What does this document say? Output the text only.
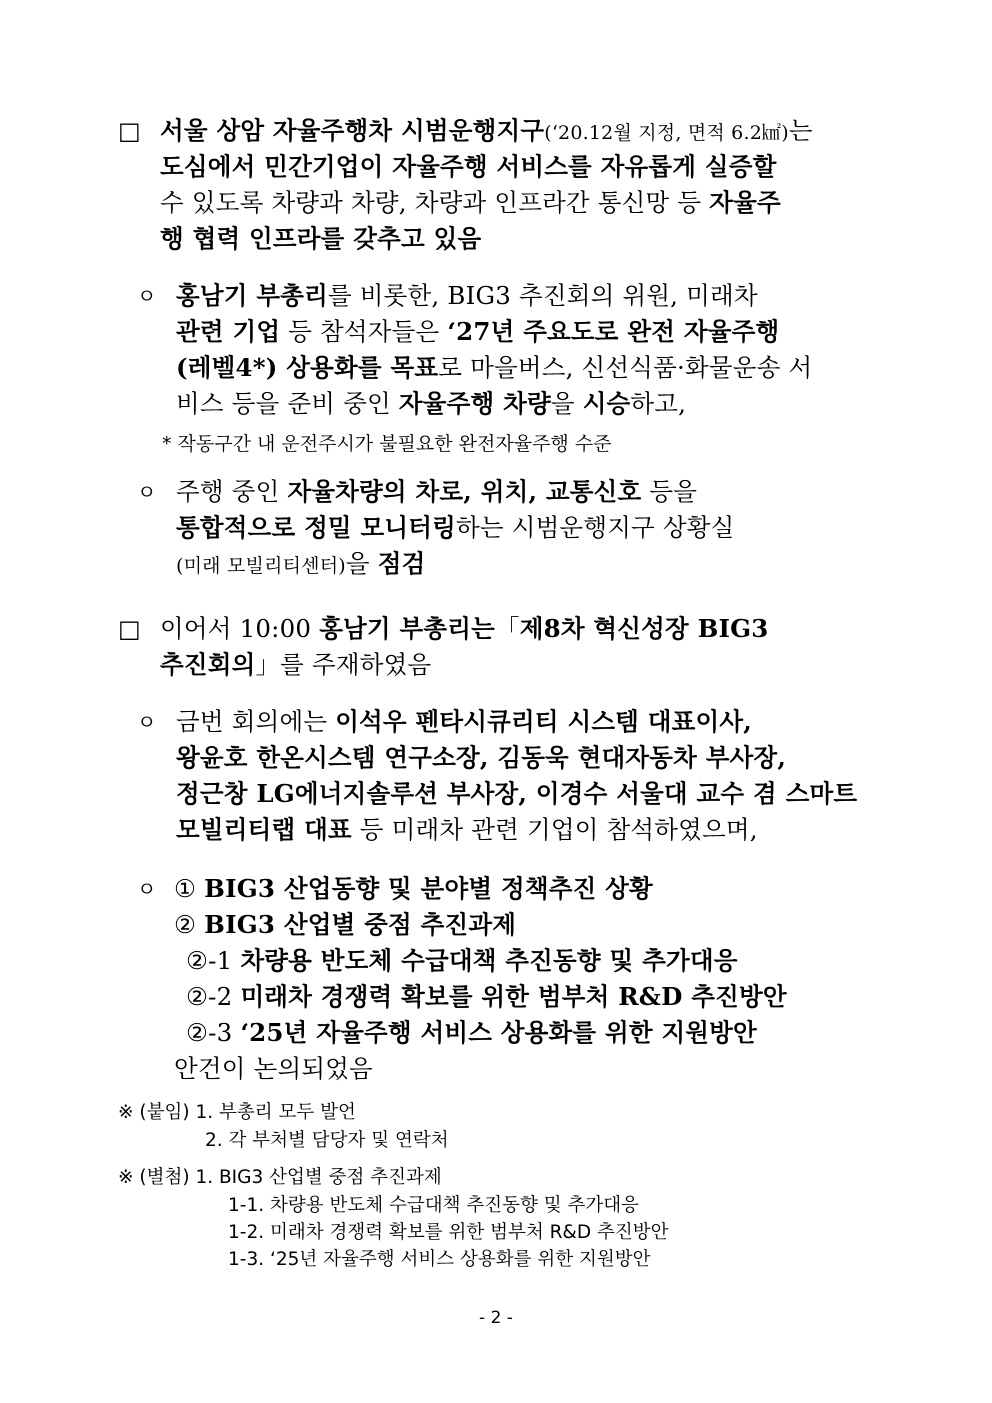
□ 서울 상암 자율주행차 시범운행지구(‘20.12월 지정, 면적 6.2㎢)는
도심에서 민간기업이 자율주행 서비스를 자유롭게 실증할
수 있도록 차량과 차량, 차량과 인프라간 통신망 등 자율주
행 협력 인프라를 갖추고 있음
ㅇ 홍남기 부총리를 비롯한, BIG3 추진회의 위원, 미래차
관련 기업 등 참석자들은 ‘27년 주요도로 완전 자율주행
(레벨4*) 상용화를 목표로 마을버스, 신선식품·화물운송 서
비스 등을 준비 중인 자율주행 차량을 시승하고,
* 작동구간 내 운전주시가 불필요한 완전자율주행 수준
ㅇ 주행 중인 자율차량의 차로, 위치, 교통신호 등을
통합적으로 정밀 모니터링하는 시범운행지구 상황실
(미래 모빌리티센터)을 점검
□ 이어서 10:00 홍남기 부총리는「제8차 혁신성장 BIG3
추진회의」를 주재하였음
ㅇ 금번 회의에는 이석우 펜타시큐리티 시스템 대표이사,
왕윤호 한온시스템 연구소장, 김동욱 현대자동차 부사장,
정근창 LG에너지솔루션 부사장, 이경수 서울대 교수 겸 스마트
모빌리티랩 대표 등 미래차 관련 기업이 참석하였으며,
ㅇ ① BIG3 산업동향 및 분야별 정책추진 상황
② BIG3 산업별 중점 추진과제
②-1 차량용 반도체 수급대책 추진동향 및 추가대응
②-2 미래차 경쟁력 확보를 위한 범부처 R&D 추진방안
②-3 ‘25년 자율주행 서비스 상용화를 위한 지원방안
안건이 논의되었음
※ (붙임) 1. 부총리 모두 발언
2. 각 부처별 담당자 및 연락처
※ (별첨) 1. BIG3 산업별 중점 추진과제
1-1. 차량용 반도체 수급대책 추진동향 및 추가대응
1-2. 미래차 경쟁력 확보를 위한 범부처 R&D 추진방안
1-3. ‘25년 자율주행 서비스 상용화를 위한 지원방안
- 2 -
